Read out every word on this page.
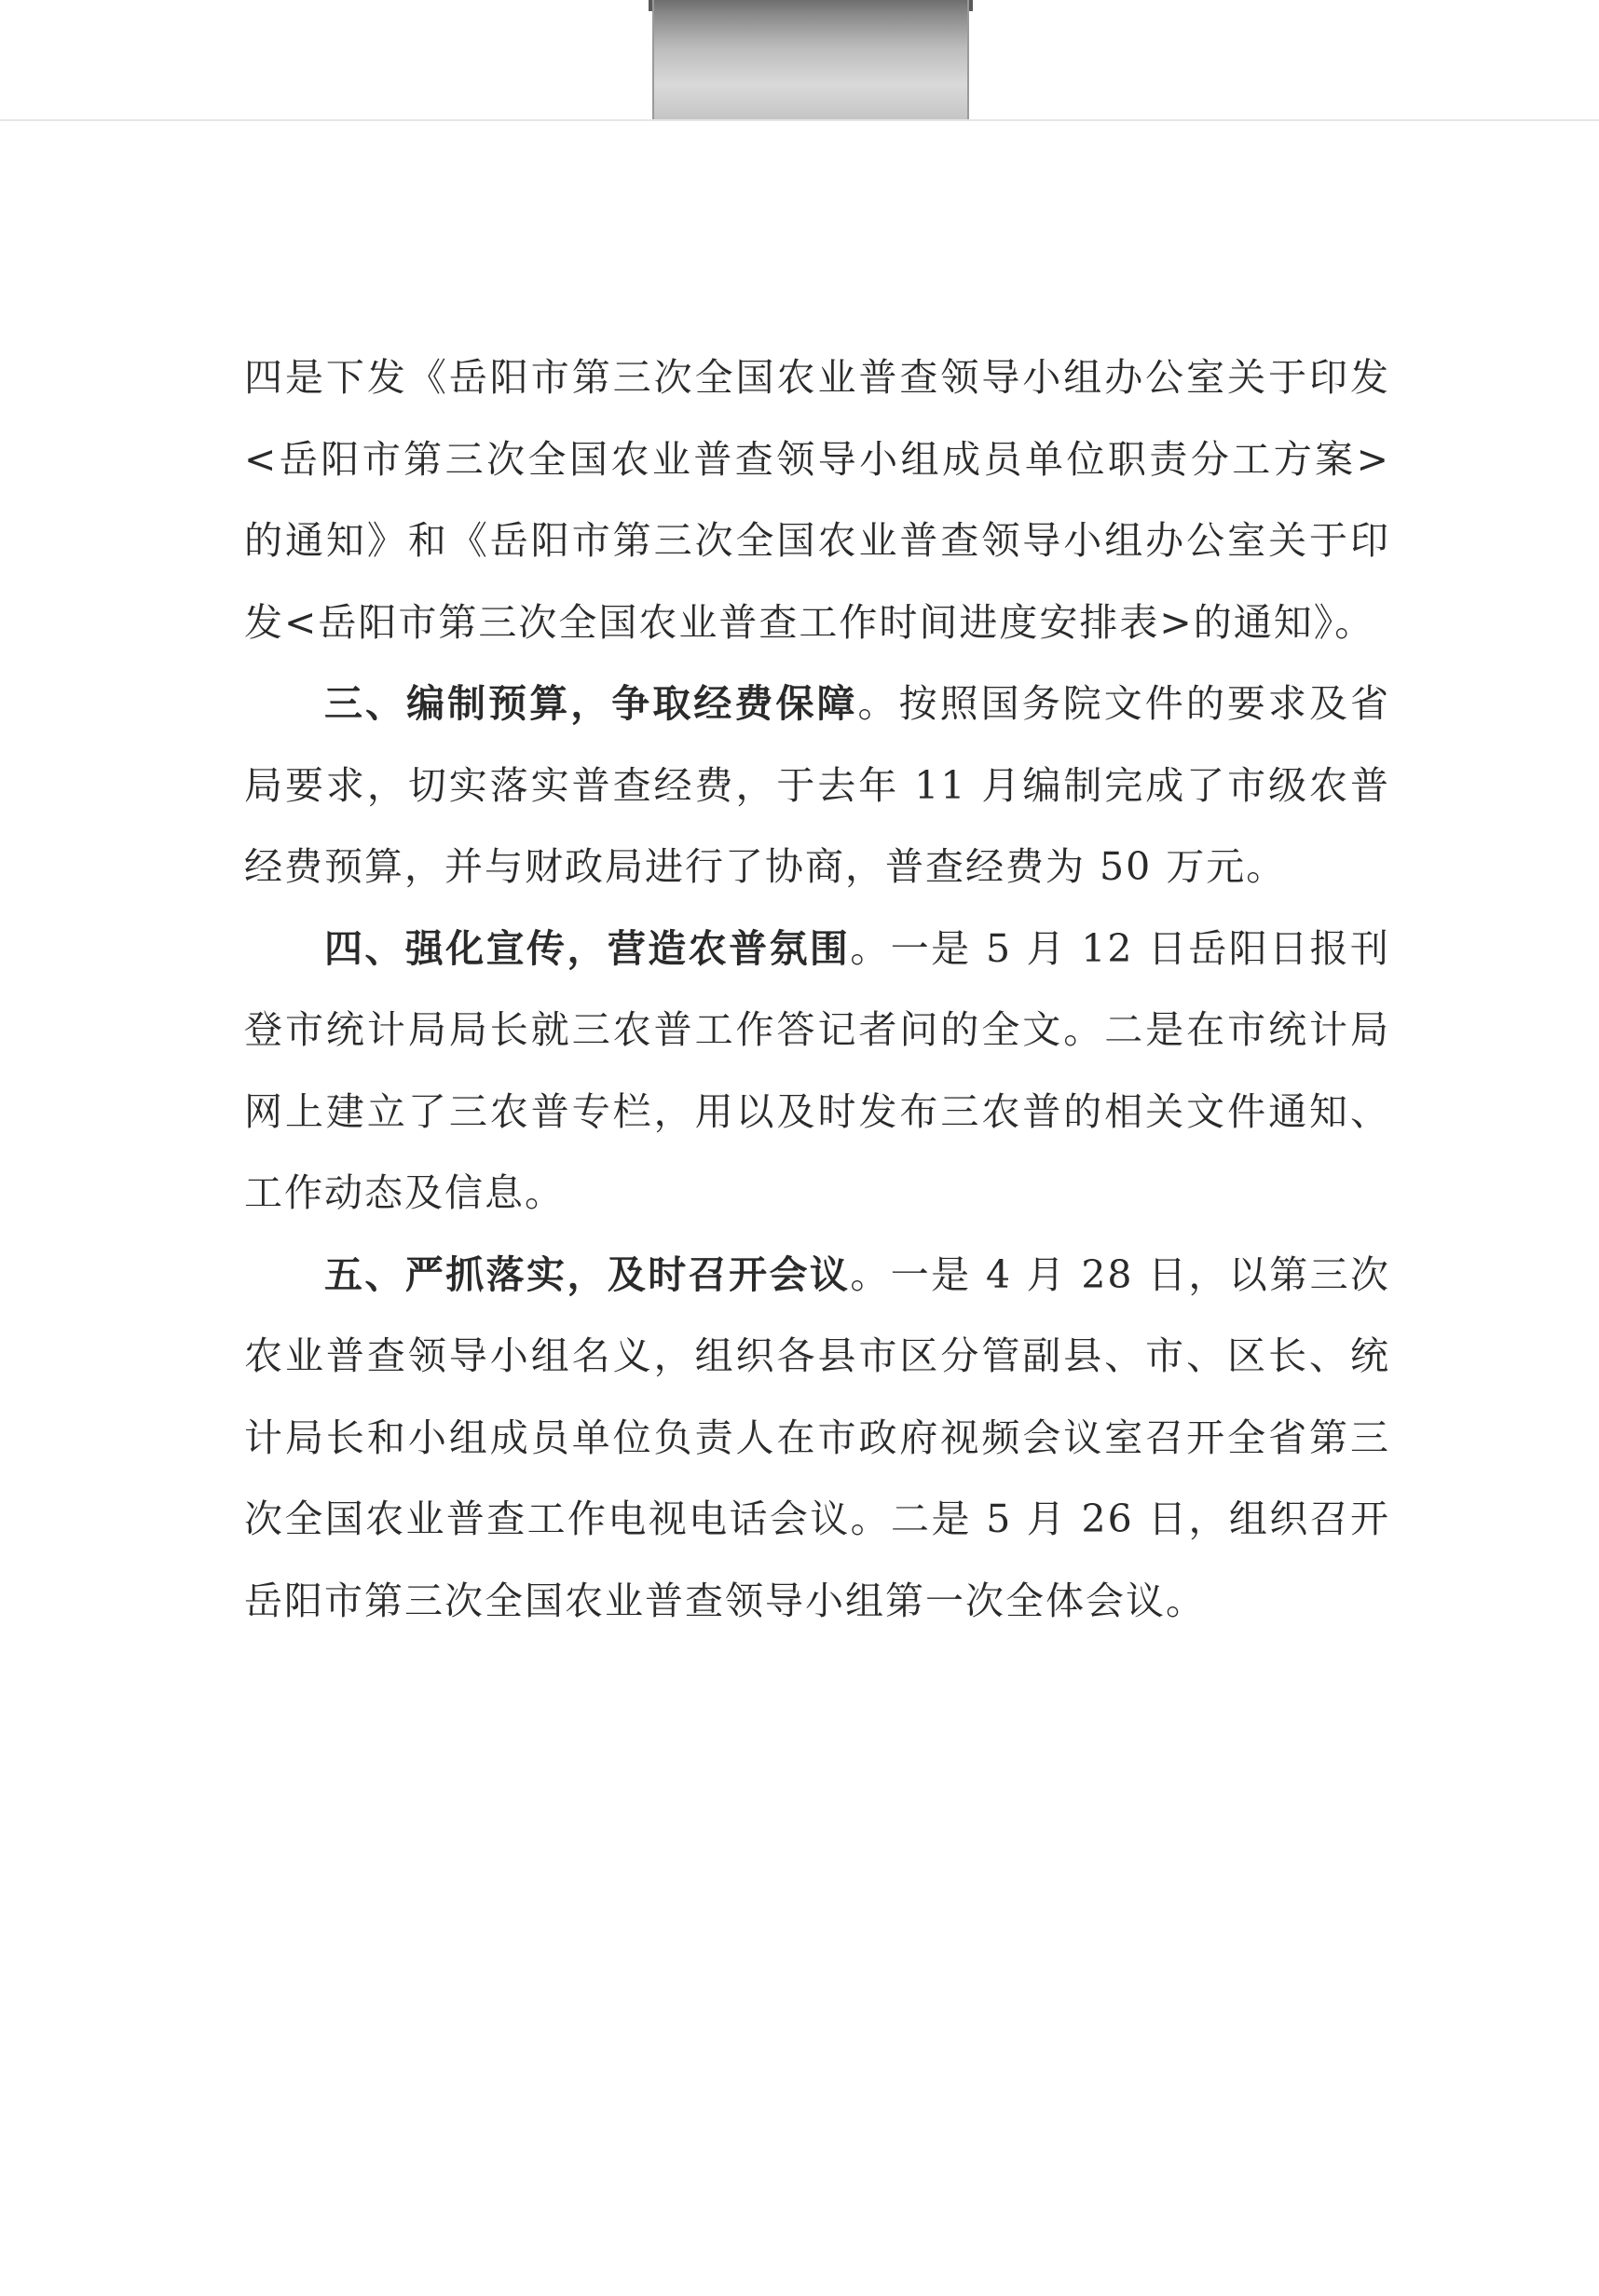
四是下发《岳阳市第三次全国农业普查领导小组办公室关于印发<岳阳市第三次全国农业普查领导小组成员单位职责分工方案>的通知》和《岳阳市第三次全国农业普查领导小组办公室关于印发<岳阳市第三次全国农业普查工作时间进度安排表>的通知》。

三、编制预算，争取经费保障。按照国务院文件的要求及省局要求，切实落实普查经费，于去年 11 月编制完成了市级农普经费预算，并与财政局进行了协商，普查经费为 50 万元。

四、强化宣传，营造农普氛围。一是 5 月 12 日岳阳日报刊登市统计局局长就三农普工作答记者问的全文。二是在市统计局网上建立了三农普专栏，用以及时发布三农普的相关文件通知、工作动态及信息。

五、严抓落实，及时召开会议。一是 4 月 28 日，以第三次农业普查领导小组名义，组织各县市区分管副县、市、区长、统计局长和小组成员单位负责人在市政府视频会议室召开全省第三次全国农业普查工作电视电话会议。二是 5 月 26 日，组织召开岳阳市第三次全国农业普查领导小组第一次全体会议。
